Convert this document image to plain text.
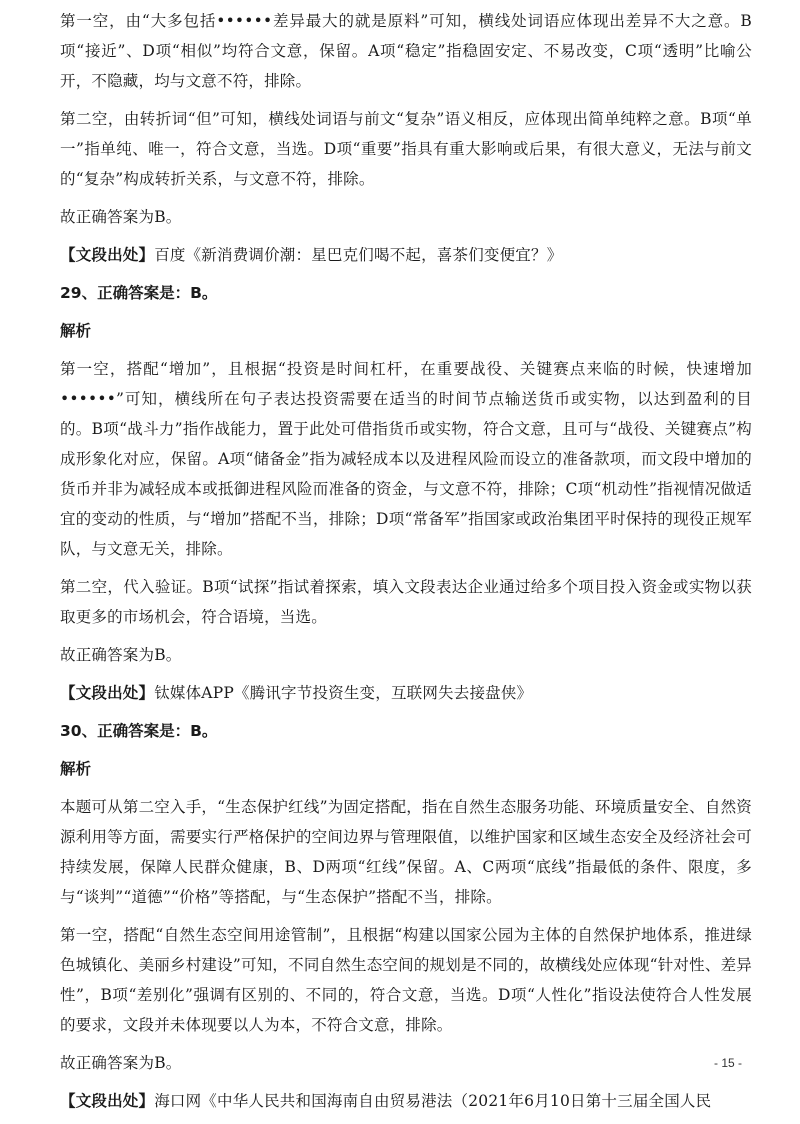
第一空，由“大多包括••••••差异最大的就是原料”可知，横线处词语应体现出差异不大之意。B项“接近”、D项“相似”均符合文意，保留。A项“稳定”指稳固安定、不易改变，C项“透明”比喻公开，不隐藏，均与文意不符，排除。

第二空，由转折词“但”可知，横线处词语与前文“复杂”语义相反，应体现出简单纯粹之意。B项“单一”指单纯、唯一，符合文意，当选。D项“重要”指具有重大影响或后果，有很大意义，无法与前文的“复杂”构成转折关系，与文意不符，排除。

故正确答案为B。

【文段出处】百度《新消费调价潮：星巴克们喝不起，喜茶们变便宜？》

29、正确答案是：B。

解析

第一空，搭配“增加”，且根据“投资是时间杠杆，在重要战役、关键赛点来临的时候，快速增加••••••”可知，横线所在句子表达投资需要在适当的时间节点输送货币或实物，以达到盈利的目的。B项“战斗力”指作战能力，置于此处可借指货币或实物，符合文意，且可与“战役、关键赛点”构成形象化对应，保留。A项“储备金”指为减轻成本以及进程风险而设立的准备款项，而文段中增加的货币并非为减轻成本或抵御进程风险而准备的资金，与文意不符，排除；C项“机动性”指视情况做适宜的变动的性质，与“增加”搭配不当，排除；D项“常备军”指国家或政治集团平时保持的现役正规军队，与文意无关，排除。

第二空，代入验证。B项“试探”指试着探索，填入文段表达企业通过给多个项目投入资金或实物以获取更多的市场机会，符合语境，当选。

故正确答案为B。

【文段出处】钛媒体APP《腾讯字节投资生变，互联网失去接盘侠》

30、正确答案是：B。

解析

本题可从第二空入手，“生态保护红线”为固定搭配，指在自然生态服务功能、环境质量安全、自然资源利用等方面，需要实行严格保护的空间边界与管理限值，以维护国家和区域生态安全及经济社会可持续发展，保障人民群众健康，B、D两项“红线”保留。A、C两项“底线”指最低的条件、限度，多与“谈判”“道德”“价格”等搭配，与“生态保护”搭配不当，排除。

第一空，搭配“自然生态空间用途管制”，且根据“构建以国家公园为主体的自然保护地体系，推进绿色城镇化、美丽乡村建设”可知，不同自然生态空间的规划是不同的，故横线处应体现“针对性、差异性”，B项“差别化”强调有区别的、不同的，符合文意，当选。D项“人性化”指设法使符合人性发展的要求，文段并未体现要以人为本，不符合文意，排除。

故正确答案为B。

【文段出处】海口网《中华人民共和国海南自由贸易港法（2021年6月10日第十三届全国人民

- 15 -
